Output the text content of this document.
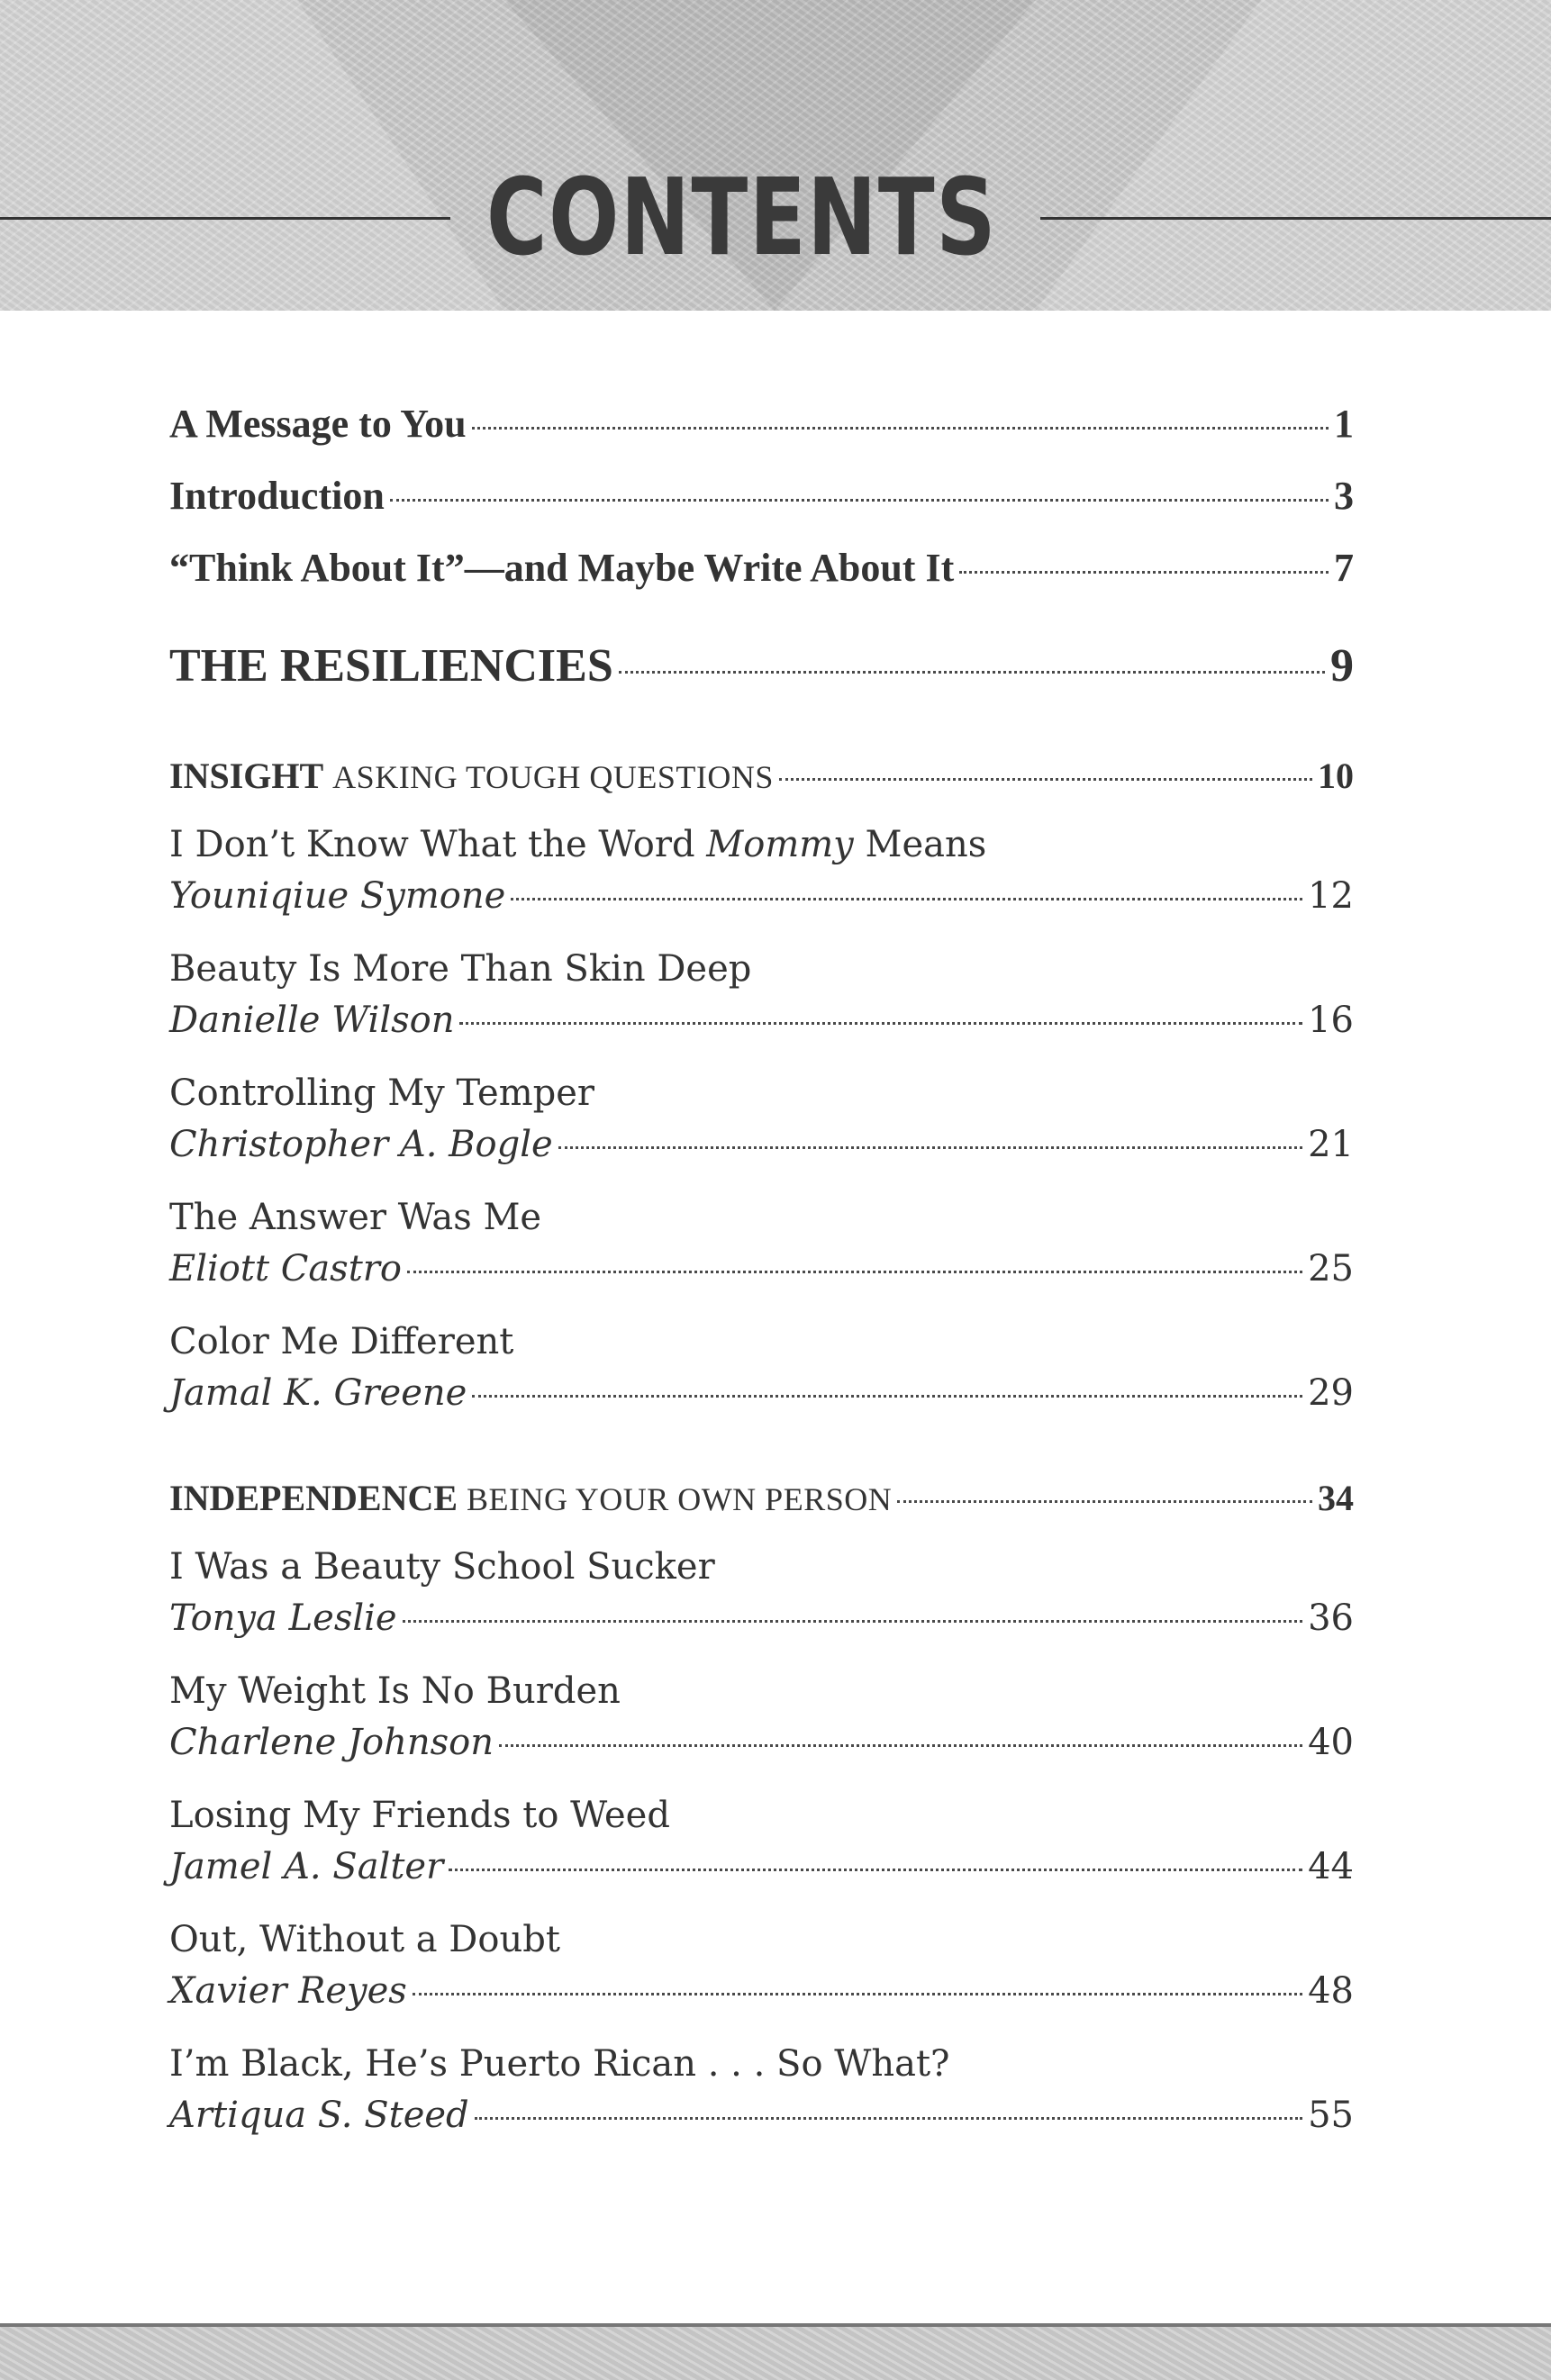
CONTENTS
A Message to You	1
Introduction	3
“Think About It”—and Maybe Write About It	7
THE RESILIENCIES	9
INSIGHT ASKING TOUGH QUESTIONS	10
I Don’t Know What the Word Mommy Means
Youniqiue Symone	12
Beauty Is More Than Skin Deep
Danielle Wilson	16
Controlling My Temper
Christopher A. Bogle	21
The Answer Was Me
Eliott Castro	25
Color Me Different
Jamal K. Greene	29
INDEPENDENCE BEING YOUR OWN PERSON	34
I Was a Beauty School Sucker
Tonya Leslie	36
My Weight Is No Burden
Charlene Johnson	40
Losing My Friends to Weed
Jamel A. Salter	44
Out, Without a Doubt
Xavier Reyes	48
I’m Black, He’s Puerto Rican . . . So What?
Artiqua S. Steed	55
